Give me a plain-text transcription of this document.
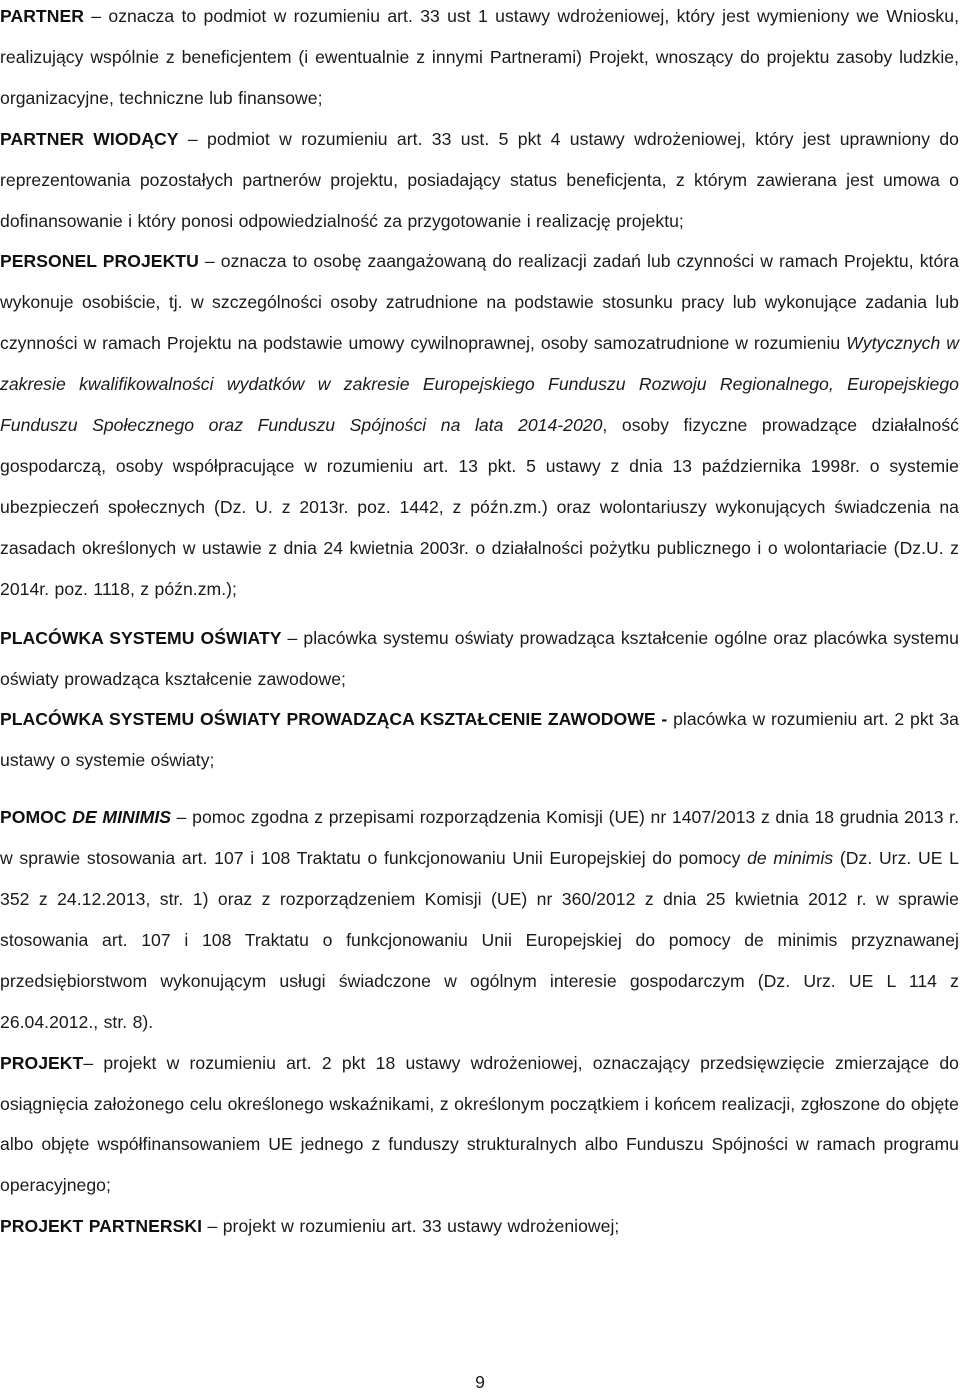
PARTNER – oznacza to podmiot w rozumieniu art. 33 ust 1 ustawy wdrożeniowej, który jest wymieniony we Wniosku, realizujący wspólnie z beneficjentem (i ewentualnie z innymi Partnerami) Projekt, wnoszący do projektu zasoby ludzkie, organizacyjne, techniczne lub finansowe;

PARTNER WIODĄCY – podmiot w rozumieniu art. 33 ust. 5 pkt 4 ustawy wdrożeniowej, który jest uprawniony do reprezentowania pozostałych partnerów projektu, posiadający status beneficjenta, z którym zawierana jest umowa o dofinansowanie i który ponosi odpowiedzialność za przygotowanie i realizację projektu;

PERSONEL PROJEKTU – oznacza to osobę zaangażowaną do realizacji zadań lub czynności w ramach Projektu, która wykonuje osobiście, tj. w szczególności osoby zatrudnione na podstawie stosunku pracy lub wykonujące zadania lub czynności w ramach Projektu na podstawie umowy cywilnoprawnej, osoby samozatrudnione w rozumieniu Wytycznych w zakresie kwalifikowalności wydatków w zakresie Europejskiego Funduszu Rozwoju Regionalnego, Europejskiego Funduszu Społecznego oraz Funduszu Spójności na lata 2014-2020, osoby fizyczne prowadzące działalność gospodarczą, osoby współpracujące w rozumieniu art. 13 pkt. 5 ustawy z dnia 13 października 1998r. o systemie ubezpieczeń społecznych (Dz. U. z 2013r. poz. 1442, z późn.zm.) oraz wolontariuszy wykonujących świadczenia na zasadach określonych w ustawie z dnia 24 kwietnia 2003r. o działalności pożytku publicznego i o wolontariacie (Dz.U. z 2014r. poz. 1118, z późn.zm.);

PLACÓWKA SYSTEMU OŚWIATY – placówka systemu oświaty prowadząca kształcenie ogólne oraz placówka systemu oświaty prowadząca kształcenie zawodowe;

PLACÓWKA SYSTEMU OŚWIATY PROWADZĄCA KSZTAŁCENIE ZAWODOWE - placówka w rozumieniu art. 2 pkt 3a ustawy o systemie oświaty;

POMOC DE MINIMIS – pomoc zgodna z przepisami rozporządzenia Komisji (UE) nr 1407/2013 z dnia 18 grudnia 2013 r. w sprawie stosowania art. 107 i 108 Traktatu o funkcjonowaniu Unii Europejskiej do pomocy de minimis (Dz. Urz. UE L 352 z 24.12.2013, str. 1) oraz z rozporządzeniem Komisji (UE) nr 360/2012 z dnia 25 kwietnia 2012 r. w sprawie stosowania art. 107 i 108 Traktatu o funkcjonowaniu Unii Europejskiej do pomocy de minimis przyznawanej przedsiębiorstwom wykonującym usługi świadczone w ogólnym interesie gospodarczym (Dz. Urz. UE L 114 z 26.04.2012., str. 8).

PROJEKT– projekt w rozumieniu art. 2 pkt 18 ustawy wdrożeniowej, oznaczający przedsięwzięcie zmierzające do osiągnięcia założonego celu określonego wskaźnikami, z określonym początkiem i końcem realizacji, zgłoszone do objęte albo objęte współfinansowaniem UE jednego z funduszy strukturalnych albo Funduszu Spójności w ramach programu operacyjnego;

PROJEKT PARTNERSKI – projekt w rozumieniu art. 33 ustawy wdrożeniowej;

9
